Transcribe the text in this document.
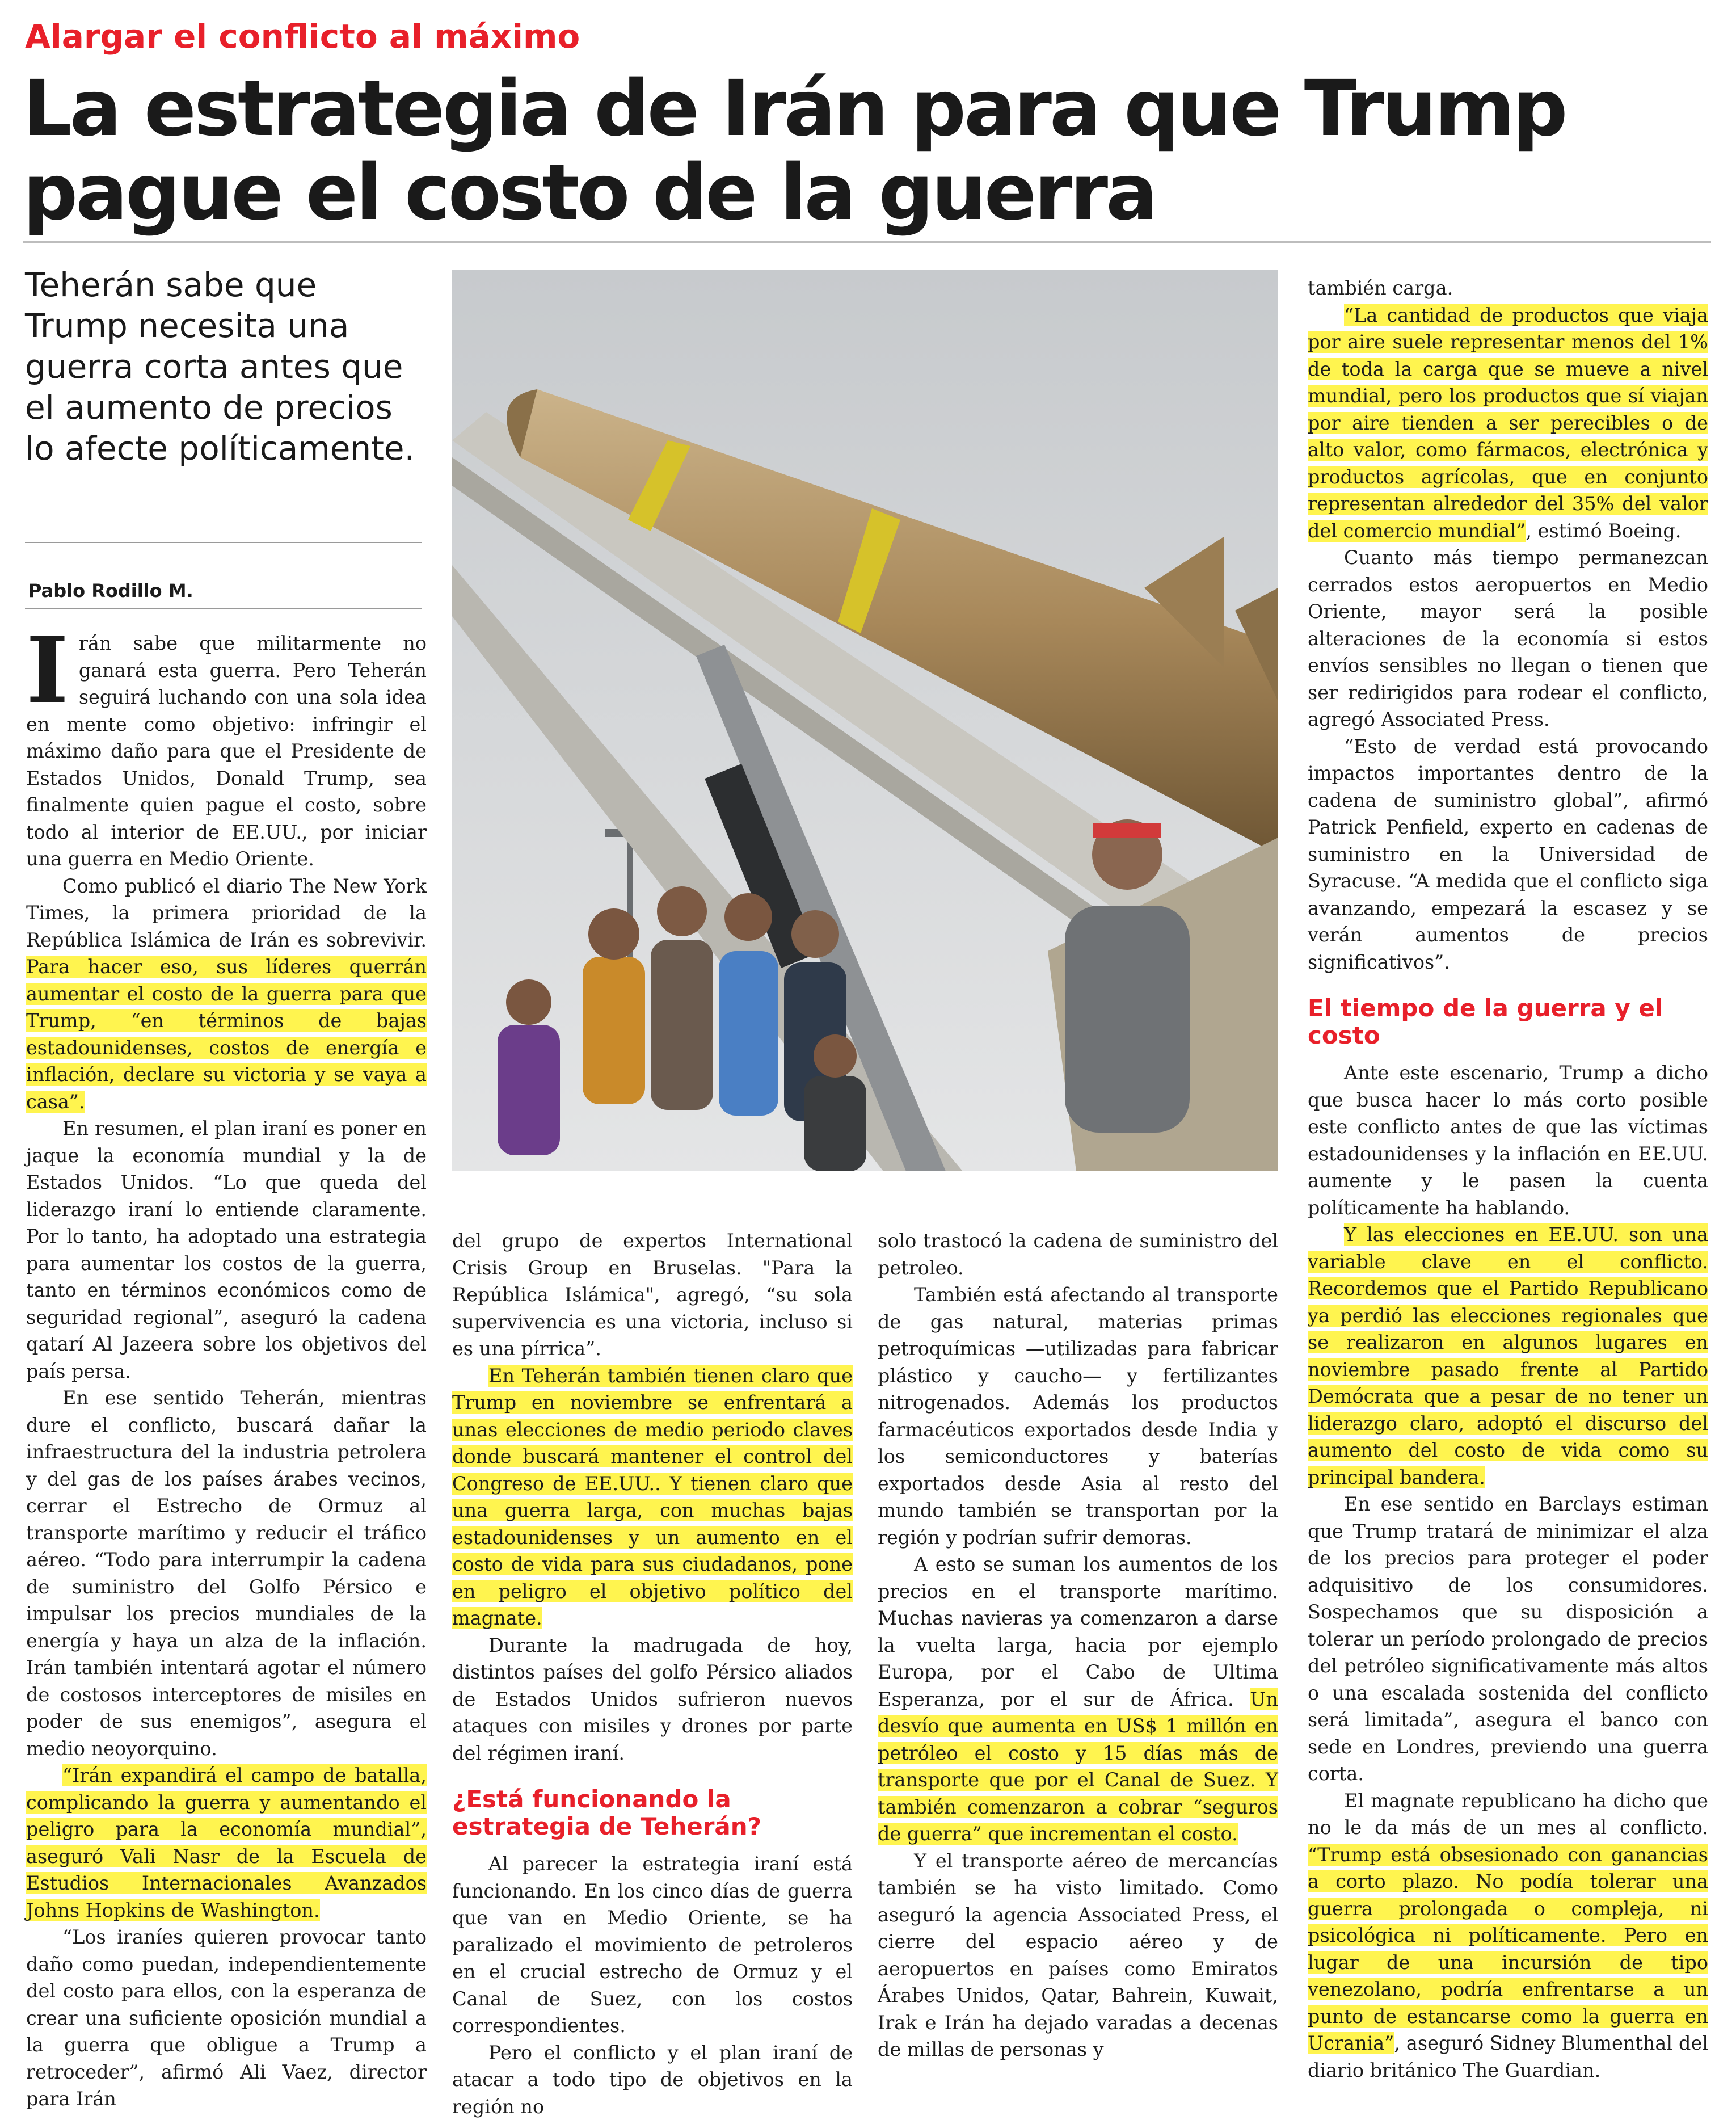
Alargar el conflicto al máximo
La estrategia de Irán para que Trump pague el costo de la guerra

Teherán sabe que Trump necesita una guerra corta antes que el aumento de precios lo afecte políticamente.

Pablo Rodillo M.

Irán sabe que militarmente no ganará esta guerra. Pero Teherán seguirá luchando con una sola idea en mente como objetivo: infringir el máximo daño para que el Presidente de Estados Unidos, Donald Trump, sea finalmente quien pague el costo, sobre todo al interior de EE.UU., por iniciar una guerra en Medio Oriente.

Como publicó el diario The New York Times, la primera prioridad de la República Islámica de Irán es sobrevivir. Para hacer eso, sus líderes querrán aumentar el costo de la guerra para que Trump, “en términos de bajas estadounidenses, costos de energía e inflación, declare su victoria y se vaya a casa”.

En resumen, el plan iraní es poner en jaque la economía mundial y la de Estados Unidos. “Lo que queda del liderazgo iraní lo entiende claramente. Por lo tanto, ha adoptado una estrategia para aumentar los costos de la guerra, tanto en términos económicos como de seguridad regional”, aseguró la cadena qatarí Al Jazeera sobre los objetivos del país persa.

En ese sentido Teherán, mientras dure el conflicto, buscará dañar la infraestructura del la industria petrolera y del gas de los países árabes vecinos, cerrar el Estrecho de Ormuz al transporte marítimo y reducir el tráfico aéreo. “Todo para interrumpir la cadena de suministro del Golfo Pérsico e impulsar los precios mundiales de la energía y haya un alza de la inflación. Irán también intentará agotar el número de costosos interceptores de misiles en poder de sus enemigos”, asegura el medio neoyorquino.

“Irán expandirá el campo de batalla, complicando la guerra y aumentando el peligro para la economía mundial”, aseguró Vali Nasr de la Escuela de Estudios Internacionales Avanzados Johns Hopkins de Washington.

“Los iraníes quieren provocar tanto daño como puedan, independientemente del costo para ellos, con la esperanza de crear una suficiente oposición mundial a la guerra que obligue a Trump a retroceder”, afirmó Ali Vaez, director para Irán

del grupo de expertos International Crisis Group en Bruselas. "Para la República Islámica", agregó, “su sola supervivencia es una victoria, incluso si es una pírrica”.

En Teherán también tienen claro que Trump en noviembre se enfrentará a unas elecciones de medio periodo claves donde buscará mantener el control del Congreso de EE.UU.. Y tienen claro que una guerra larga, con muchas bajas estadounidenses y un aumento en el costo de vida para sus ciudadanos, pone en peligro el objetivo político del magnate.

Durante la madrugada de hoy, distintos países del golfo Pérsico aliados de Estados Unidos sufrieron nuevos ataques con misiles y drones por parte del régimen iraní.

¿Está funcionando la estrategia de Teherán?

Al parecer la estrategia iraní está funcionando. En los cinco días de guerra que van en Medio Oriente, se ha paralizado el movimiento de petroleros en el crucial estrecho de Ormuz y el Canal de Suez, con los costos correspondientes.

Pero el conflicto y el plan iraní de atacar a todo tipo de objetivos en la región no

solo trastocó la cadena de suministro del petroleo.

También está afectando al transporte de gas natural, materias primas petroquímicas —utilizadas para fabricar plástico y caucho— y fertilizantes nitrogenados. Además los productos farmacéuticos exportados desde India y los semiconductores y baterías exportados desde Asia al resto del mundo también se transportan por la región y podrían sufrir demoras.

A esto se suman los aumentos de los precios en el transporte marítimo. Muchas navieras ya comenzaron a darse la vuelta larga, hacia por ejemplo Europa, por el Cabo de Ultima Esperanza, por el sur de África. Un desvío que aumenta en US$ 1 millón en petróleo el costo y 15 días más de transporte que por el Canal de Suez. Y también comenzaron a cobrar “seguros de guerra” que incrementan el costo.

Y el transporte aéreo de mercancías también se ha visto limitado. Como aseguró la agencia Associated Press, el cierre del espacio aéreo y de aeropuertos en países como Emiratos Árabes Unidos, Qatar, Bahrein, Kuwait, Irak e Irán ha dejado varadas a decenas de millas de personas y

también carga.

“La cantidad de productos que viaja por aire suele representar menos del 1% de toda la carga que se mueve a nivel mundial, pero los productos que sí viajan por aire tienden a ser perecibles o de alto valor, como fármacos, electrónica y productos agrícolas, que en conjunto representan alrededor del 35% del valor del comercio mundial”, estimó Boeing.

Cuanto más tiempo permanezcan cerrados estos aeropuertos en Medio Oriente, mayor será la posible alteraciones de la economía si estos envíos sensibles no llegan o tienen que ser redirigidos para rodear el conflicto, agregó Associated Press.

“Esto de verdad está provocando impactos importantes dentro de la cadena de suministro global”, afirmó Patrick Penfield, experto en cadenas de suministro en la Universidad de Syracuse. “A medida que el conflicto siga avanzando, empezará la escasez y se verán aumentos de precios significativos”.

El tiempo de la guerra y el costo

Ante este escenario, Trump a dicho que busca hacer lo más corto posible este conflicto antes de que las víctimas estadounidenses y la inflación en EE.UU. aumente y le pasen la cuenta políticamente ha hablando.

Y las elecciones en EE.UU. son una variable clave en el conflicto. Recordemos que el Partido Republicano ya perdió las elecciones regionales que se realizaron en algunos lugares en noviembre pasado frente al Partido Demócrata que a pesar de no tener un liderazgo claro, adoptó el discurso del aumento del costo de vida como su principal bandera.

En ese sentido en Barclays estiman que Trump tratará de minimizar el alza de los precios para proteger el poder adquisitivo de los consumidores. Sospechamos que su disposición a tolerar un período prolongado de precios del petróleo significativamente más altos o una escalada sostenida del conflicto será limitada”, asegura el banco con sede en Londres, previendo una guerra corta.

El magnate republicano ha dicho que no le da más de un mes al conflicto. “Trump está obsesionado con ganancias a corto plazo. No podía tolerar una guerra prolongada o compleja, ni psicológica ni políticamente. Pero en lugar de una incursión de tipo venezolano, podría enfrentarse a un punto de estancarse como la guerra en Ucrania”, aseguró Sidney Blumenthal del diario británico The Guardian.
